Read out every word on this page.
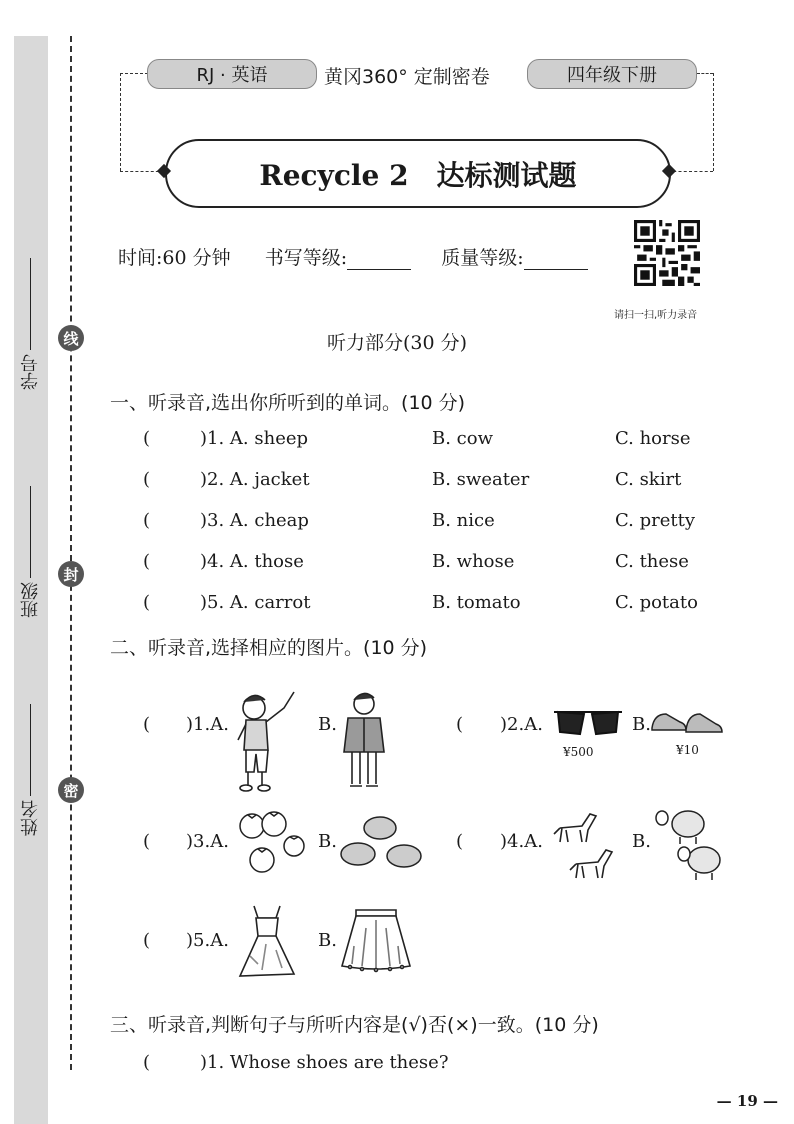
学号
班级
姓名
线
封
密
RJ · 英语	黄冈360° 定制密卷	四年级下册
Recycle 2　达标测试题
时间:60 分钟 书写等级:	质量等级:
请扫一扫,听力录音
听力部分(30 分)
一、听录音,选出你所听到的单词。(10 分)
(	)1. A. sheep	B. cow	C. horse
(	)2. A. jacket	B. sweater	C. skirt
(	)3. A. cheap	B. nice	C. pretty
(	)4. A. those	B. whose	C. these
(	)5. A. carrot	B. tomato	C. potato
二、听录音,选择相应的图片。(10 分)
( )1.A.	B.	( )2.A.
¥500
B.
¥10
( )3.A.	B.	( )4.A.	B.
( )5.A.	B.
三、听录音,判断句子与所听内容是(√)否(×)一致。(10 分)
(	)1. Whose shoes are these?
— 19 —
